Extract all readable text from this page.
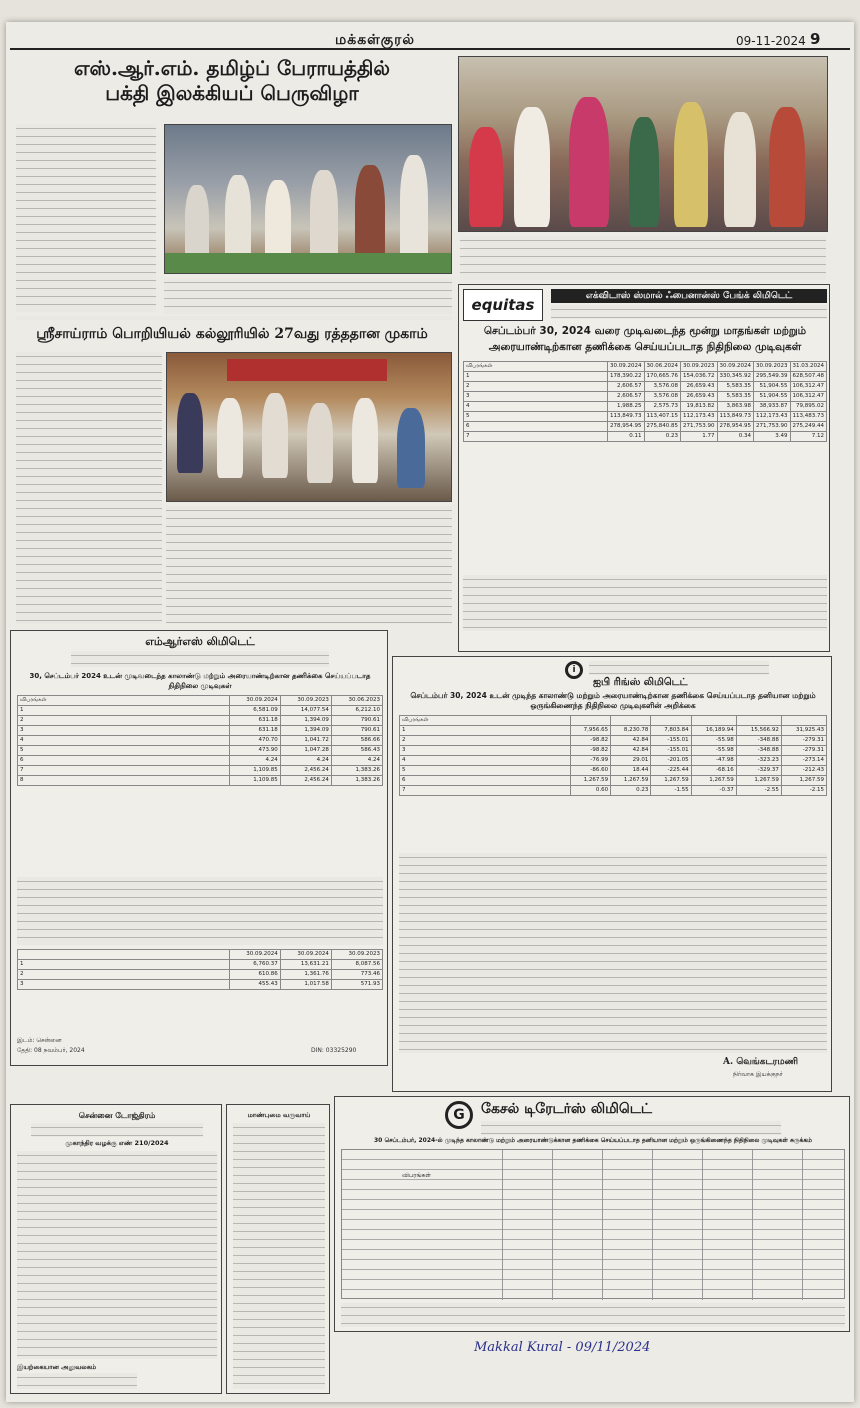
மக்கள்குரல்	09-11-2024 9
எஸ்.ஆர்.எம். தமிழ்ப் பேராயத்தில்
பக்தி இலக்கியப் பெருவிழா
ஸ்ரீசாய்ராம் பொறியியல் கல்லூரியில் 27வது ரத்ததான முகாம்
equitas	எக்விடாஸ் ஸ்மால் ஃபைனான்ஸ் பேங்க் லிமிடெட்
செப்டம்பர் 30, 2024 வரை முடிவடைந்த மூன்று மாதங்கள் மற்றும்
அரையாண்டிற்கான தணிக்கை செய்யப்படாத நிதிநிலை முடிவுகள்
விபரங்கள்	30.09.2024	30.06.2024	30.09.2023	30.09.2024	30.09.2023	31.03.2024
1	178,390.22	170,665.76	154,036.72	330,345.92	295,549.39	628,507.48
2	2,606.57	3,576.08	26,659.43	5,583.35	51,904.55	106,312.47
3	2,606.57	3,576.08	26,659.43	5,583.35	51,904.55	106,312.47
4	1,988.25	2,575.73	19,813.82	3,863.98	38,933.87	79,895.02
5	113,849.73	113,407.15	112,173.43	113,849.73	112,173.43	113,483.73
6	278,954.95	275,840.85	271,753.90	278,954.95	271,753.90	275,249.44
7	0.11	0.23	1.77	0.34	3.49	7.12
எம்ஆர்எஸ் லிமிடெட்
30, செப்டம்பர் 2024 உடன் முடிவடைந்த காலாண்டு மற்றும் அரையாண்டிற்கான தணிக்கை செய்யப்படாத நிதிநிலை முடிவுகள்
விபரங்கள்	30.09.2024	30.09.2023	30.06.2023
1	6,581.09	14,077.54	6,212.10
2	631.18	1,394.09	790.61
3	631.18	1,394.09	790.61
4	470.70	1,041.72	586.66
5	473.90	1,047.28	586.43
6	4.24	4.24	4.24
7	1,109.85	2,456.24	1,383.26
8	1,109.85	2,456.24	1,383.26
	30.09.2024	30.09.2024	30.09.2023
1	6,760.37	13,631.21	8,087.56
2	610.86	1,361.76	773.46
3	455.43	1,017.58	571.93
இடம்: சென்னை
தேதி: 08 நவம்பர், 2024	DIN: 03325290
i
ஐபி ரிங்ஸ் லிமிடெட்
செப்டம்பர் 30, 2024 உடன் முடிந்த காலாண்டு மற்றும் அரையாண்டிற்கான தணிக்கை செய்யப்படாத தனியான மற்றும் ஒருங்கிணைந்த நிதிநிலை முடிவுகளின் அறிக்கை
விபரங்கள்						
1	7,956.65	8,230.78	7,803.84	16,189.94	15,566.92	31,925.43
2	-98.82	42.84	-155.01	-55.98	-348.88	-279.31
3	-98.82	42.84	-155.01	-55.98	-348.88	-279.31
4	-76.99	29.01	-201.05	-47.98	-323.23	-273.14
5	-86.60	18.44	-225.44	-68.16	-329.37	-212.43
6	1,267.59	1,267.59	1,267.59	1,267.59	1,267.59	1,267.59
7	0.60	0.23	-1.55	-0.37	-2.55	-2.15
A. வெங்கடரமணி
நிர்வாக இயக்குநர்
சென்னை டோஜ்திரம்
முகாந்திர வழக்கு எண் 210/2024
இயற்கையான அலுவலகம்
மாண்புமை வருவாய்	G	கேசல் டிரேடர்ஸ் லிமிடெட்
30 செப்டம்பர், 2024-ல் முடிந்த காலாண்டு மற்றும் அரையாண்டுக்கான தணிக்கை செய்யப்படாத தனியான மற்றும் ஒருங்கிணைந்த நிதிநிலை முடிவுகள் சுருக்கம்
விபரங்கள்
Makkal Kural - 09/11/2024
